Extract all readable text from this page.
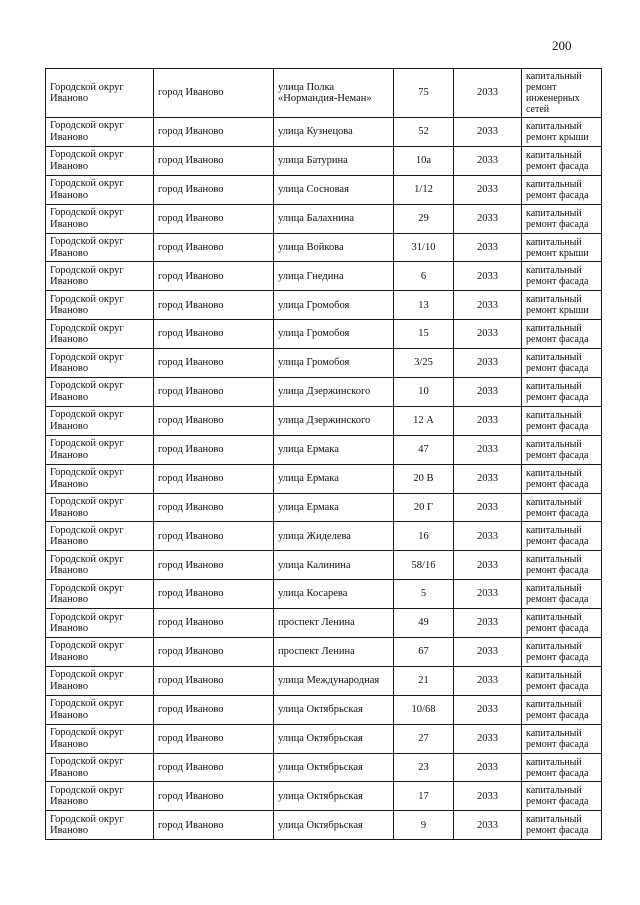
200
Городской округ Иваново	город Иваново	улица Полка «Нормандия-Неман»	75	2033	капитальный ремонт инженерных сетей
Городской округ Иваново	город Иваново	улица Кузнецова	52	2033	капитальный ремонт крыши
Городской округ Иваново	город Иваново	улица Батурина	10а	2033	капитальный ремонт фасада
Городской округ Иваново	город Иваново	улица Сосновая	1/12	2033	капитальный ремонт фасада
Городской округ Иваново	город Иваново	улица Балахнина	29	2033	капитальный ремонт фасада
Городской округ Иваново	город Иваново	улица Войкова	31/10	2033	капитальный ремонт крыши
Городской округ Иваново	город Иваново	улица Гнедина	6	2033	капитальный ремонт фасада
Городской округ Иваново	город Иваново	улица Громобоя	13	2033	капитальный ремонт крыши
Городской округ Иваново	город Иваново	улица Громобоя	15	2033	капитальный ремонт фасада
Городской округ Иваново	город Иваново	улица Громобоя	3/25	2033	капитальный ремонт фасада
Городской округ Иваново	город Иваново	улица Дзержинского	10	2033	капитальный ремонт фасада
Городской округ Иваново	город Иваново	улица Дзержинского	12 А	2033	капитальный ремонт фасада
Городской округ Иваново	город Иваново	улица Ермака	47	2033	капитальный ремонт фасада
Городской округ Иваново	город Иваново	улица Ермака	20 В	2033	капитальный ремонт фасада
Городской округ Иваново	город Иваново	улица Ермака	20 Г	2033	капитальный ремонт фасада
Городской округ Иваново	город Иваново	улица Жиделева	16	2033	капитальный ремонт фасада
Городской округ Иваново	город Иваново	улица Калинина	58/16	2033	капитальный ремонт фасада
Городской округ Иваново	город Иваново	улица Косарева	5	2033	капитальный ремонт фасада
Городской округ Иваново	город Иваново	проспект Ленина	49	2033	капитальный ремонт фасада
Городской округ Иваново	город Иваново	проспект Ленина	67	2033	капитальный ремонт фасада
Городской округ Иваново	город Иваново	улица Международная	21	2033	капитальный ремонт фасада
Городской округ Иваново	город Иваново	улица Октябрьская	10/68	2033	капитальный ремонт фасада
Городской округ Иваново	город Иваново	улица Октябрьская	27	2033	капитальный ремонт фасада
Городской округ Иваново	город Иваново	улица Октябрьская	23	2033	капитальный ремонт фасада
Городской округ Иваново	город Иваново	улица Октябрьская	17	2033	капитальный ремонт фасада
Городской округ Иваново	город Иваново	улица Октябрьская	9	2033	капитальный ремонт фасада
